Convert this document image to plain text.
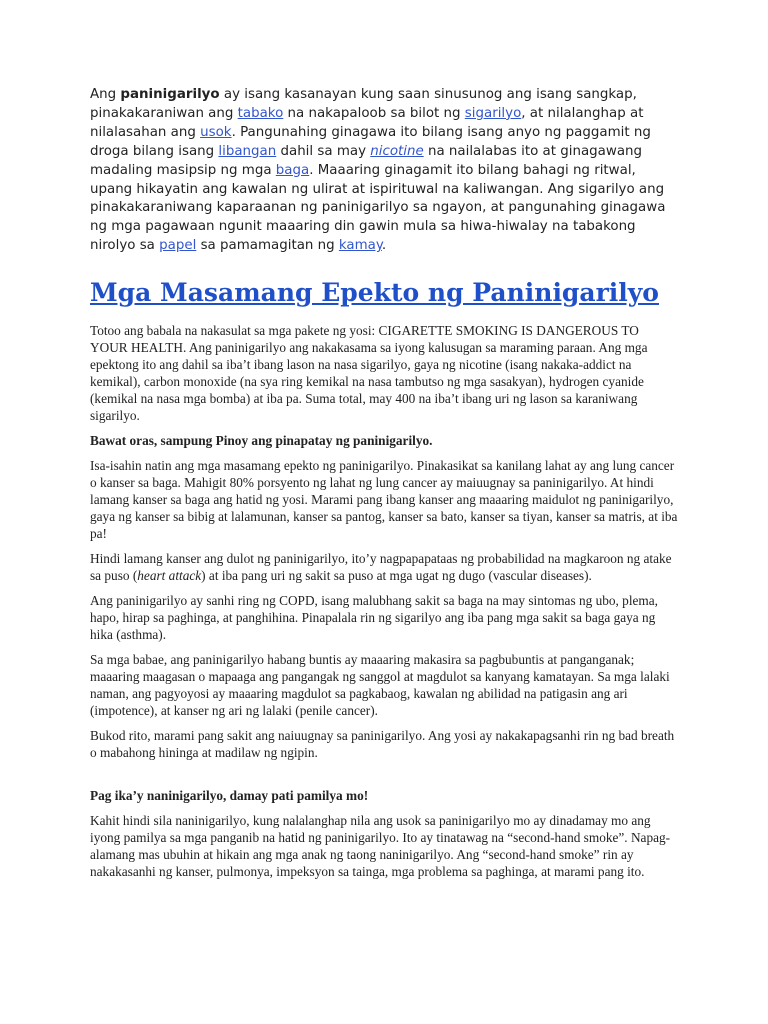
Ang paninigarilyo ay isang kasanayan kung saan sinusunog ang isang sangkap, pinakakaraniwan ang tabako na nakapaloob sa bilot ng sigarilyo, at nilalanghap at nilalasahan ang usok. Pangunahing ginagawa ito bilang isang anyo ng paggamit ng droga bilang isang libangan dahil sa may nicotine na nailalabas ito at ginagawang madaling masipsip ng mga baga. Maaaring ginagamit ito bilang bahagi ng ritwal, upang hikayatin ang kawalan ng ulirat at ispirituwal na kaliwangan. Ang sigarilyo ang pinakakaraniwang kaparaanan ng paninigarilyo sa ngayon, at pangunahing ginagawa ng mga pagawaan ngunit maaaring din gawin mula sa hiwa-hiwalay na tabakong nirolyo sa papel sa pamamagitan ng kamay.

Mga Masamang Epekto ng Paninigarilyo

Totoo ang babala na nakasulat sa mga pakete ng yosi: CIGARETTE SMOKING IS DANGEROUS TO YOUR HEALTH. Ang paninigarilyo ang nakakasama sa iyong kalusugan sa maraming paraan. Ang mga epektong ito ang dahil sa iba’t ibang lason na nasa sigarilyo, gaya ng nicotine (isang nakaka-addict na kemikal), carbon monoxide (na sya ring kemikal na nasa tambutso ng mga sasakyan), hydrogen cyanide (kemikal na nasa mga bomba) at iba pa. Suma total, may 400 na iba’t ibang uri ng lason sa karaniwang sigarilyo.

Bawat oras, sampung Pinoy ang pinapatay ng paninigarilyo.

Isa-isahin natin ang mga masamang epekto ng paninigarilyo. Pinakasikat sa kanilang lahat ay ang lung cancer o kanser sa baga. Mahigit 80% porsyento ng lahat ng lung cancer ay maiuugnay sa paninigarilyo. At hindi lamang kanser sa baga ang hatid ng yosi. Marami pang ibang kanser ang maaaring maidulot ng paninigarilyo, gaya ng kanser sa bibig at lalamunan, kanser sa pantog, kanser sa bato, kanser sa tiyan, kanser sa matris, at iba pa!

Hindi lamang kanser ang dulot ng paninigarilyo, ito’y nagpapapataas ng probabilidad na magkaroon ng atake sa puso (heart attack) at iba pang uri ng sakit sa puso at mga ugat ng dugo (vascular diseases).

Ang paninigarilyo ay sanhi ring ng COPD, isang malubhang sakit sa baga na may sintomas ng ubo, plema, hapo, hirap sa paghinga, at panghihina. Pinapalala rin ng sigarilyo ang iba pang mga sakit sa baga gaya ng hika (asthma).

Sa mga babae, ang paninigarilyo habang buntis ay maaaring makasira sa pagbubuntis at panganganak; maaaring maagasan o mapaaga ang pangangak ng sanggol at magdulot sa kanyang kamatayan. Sa mga lalaki naman, ang pagyoyosi ay maaaring magdulot sa pagkabaog, kawalan ng abilidad na patigasin ang ari (impotence), at kanser ng ari ng lalaki (penile cancer).

Bukod rito, marami pang sakit ang naiuugnay sa paninigarilyo. Ang yosi ay nakakapagsanhi rin ng bad breath o mabahong hininga at madilaw ng ngipin.

Pag ika’y naninigarilyo, damay pati pamilya mo!

Kahit hindi sila naninigarilyo, kung nalalanghap nila ang usok sa paninigarilyo mo ay dinadamay mo ang iyong pamilya sa mga panganib na hatid ng paninigarilyo. Ito ay tinatawag na “second-hand smoke”. Napag-alamang mas ubuhin at hikain ang mga anak ng taong naninigarilyo. Ang “second-hand smoke” rin ay nakakasanhi ng kanser, pulmonya, impeksyon sa tainga, mga problema sa paghinga, at marami pang ito.
